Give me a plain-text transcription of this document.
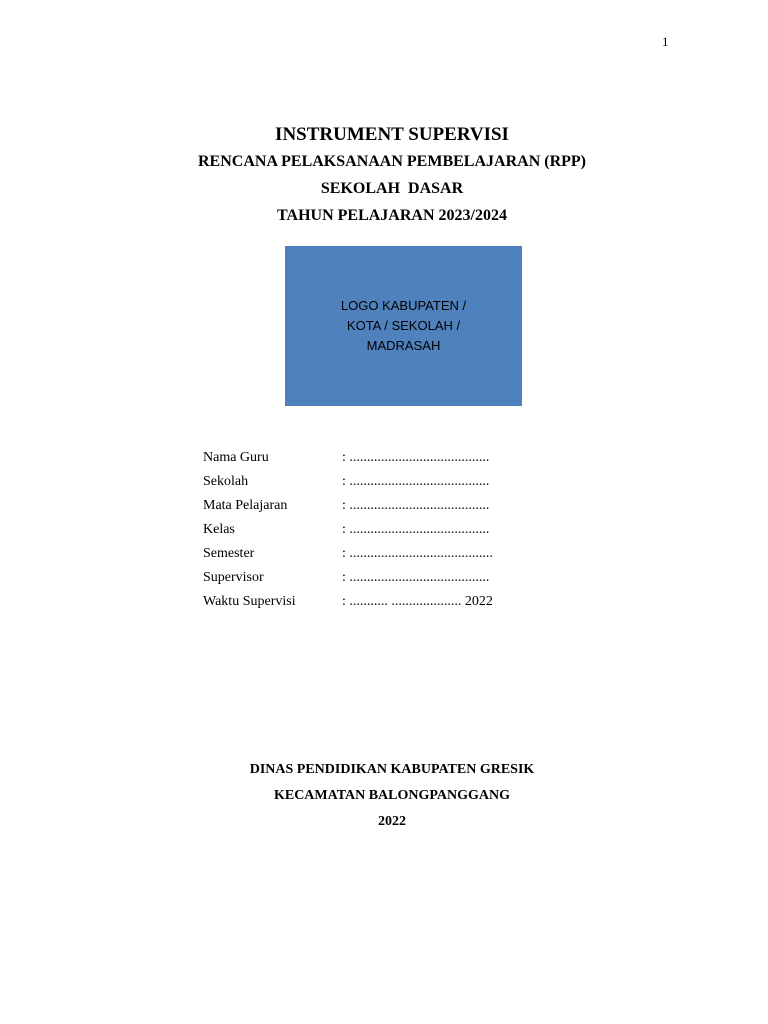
1
INSTRUMENT SUPERVISI
RENCANA PELAKSANAAN PEMBELAJARAN (RPP)
SEKOLAH  DASAR
TAHUN PELAJARAN 2023/2024
LOGO KABUPATEN /
KOTA / SEKOLAH /
MADRASAH
Nama Guru	: ........................................
Sekolah	: ........................................
Mata Pelajaran	: ........................................
Kelas	: ........................................
Semester	: .........................................
Supervisor	: ........................................
Waktu Supervisi	: ........... .................... 2022
DINAS PENDIDIKAN KABUPATEN GRESIK
KECAMATAN BALONGPANGGANG
2022
